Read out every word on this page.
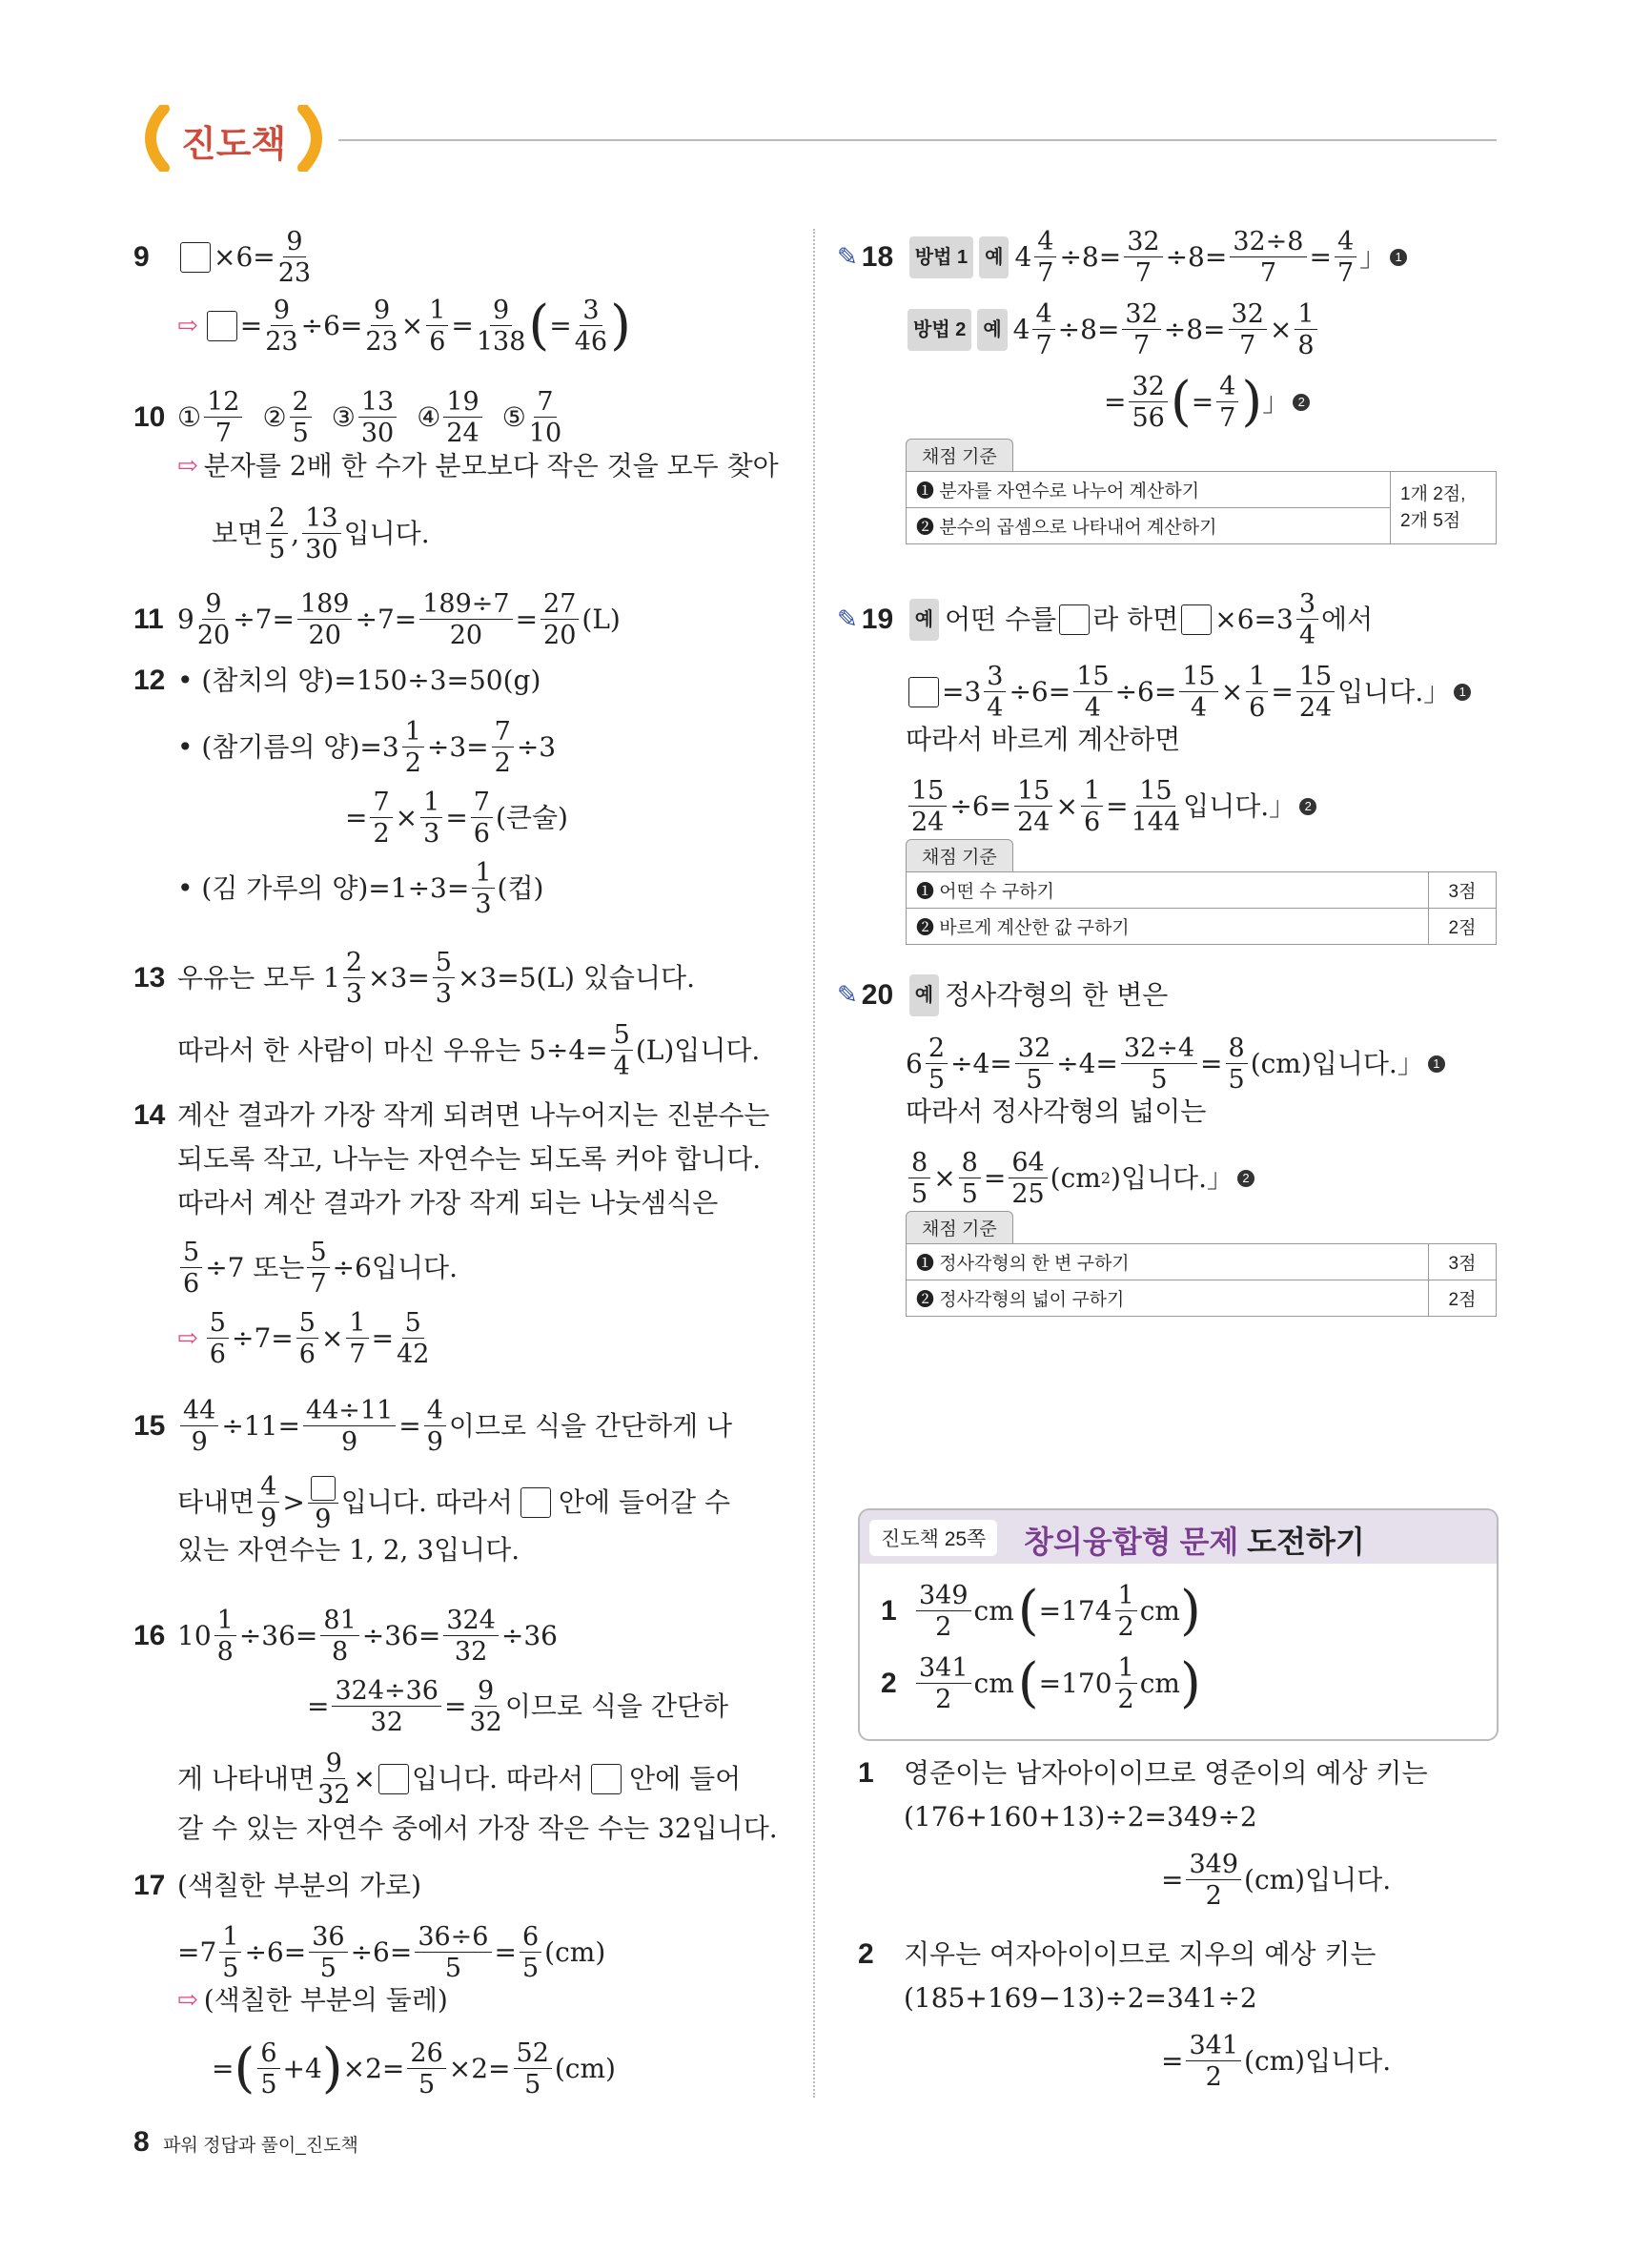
진도책
9	$\times 6= \frac{9}{23}$
⇨ = $\frac{9}{23} \div 6= \frac{9}{23} \times \frac{1}{6} = \frac{9}{138}$ ( = $\frac{3}{46}$ )
10 ① 12
7
② 2
5
③ 13
30
④ 19
24
⑤ 7
10
⇨ 분자를 2배 한 수가 분모보다 작은 것을 모두 찾아
보면 2
5
, 13
30
입니다.
11 $9 \frac{9}{20} \div 7= \frac{189}{20} \div 7= \frac{189\div 7}{20} = \frac{27}{20} (L)$
12 • (참치의 양)=150÷3=50(g)
• (참기름의 양)$=3 \frac{1}{2} \div 3= \frac{7}{2} \div 3$
= $\frac{7}{2} \times \frac{1}{3} = \frac{7}{6}$ (큰술)
• (김 가루의 양)$=1\div 3= \frac{1}{3}$ (컵)
13 우유는 모두 $1 \frac{2}{3} \times 3= \frac{5}{3} \times 3=5(L)$ 있습니다.
따라서 한 사람이 마신 우유는 $5\div 4= \frac{5}{4} (L)$입니다.
14 계산 결과가 가장 작게 되려면 나누어지는 진분수는
되도록 작고, 나누는 자연수는 되도록 커야 합니다.
따라서 계산 결과가 가장 작게 되는 나눗셈식은
$\frac{5}{6} \div 7$ 또는 $\frac{5}{7} \div 6$입니다.
⇨ $\frac{5}{6} \div 7= \frac{5}{6} \times \frac{1}{7} = \frac{5}{42}$
$15 \frac{44}{9} \div 11= \frac{44\div 11}{9} = \frac{4}{9}$ 이므로 식을 간단하게 나
타내면 4
9
>
9
입니다. 따라서 안에 들어갈 수
있는 자연수는 1, 2, 3입니다.
16 $10 \frac{1}{8} \div 36= \frac{81}{8} \div 36= \frac{324}{32} \div 36$
= $\frac{324\div 36}{32} = \frac{9}{32}$ 이므로 식을 간단하
게 나타내면 $\frac{9}{32}$ × 입니다. 따라서 안에 들어
갈 수 있는 자연수 중에서 가장 작은 수는 32입니다.
17 (색칠한 부분의 가로)
$=7 \frac{1}{5} \div 6= \frac{36}{5} \div 6= \frac{36\div 6}{5} = \frac{6}{5} (cm)$
⇨ (색칠한 부분의 둘레)
= ( 6
5
+4 ) $\times 2= \frac{26}{5} \times 2= \frac{52}{5} (cm)$
✎ 18	방법 1 예 $4 \frac{4}{7} \div 8= \frac{32}{7} \div 8= \frac{32\div 8}{7} = \frac{4}{7}$ 」 1
방법 2 예 $4 \frac{4}{7} \div 8= \frac{32}{7} \div 8= \frac{32}{7} \times \frac{1}{8}$
= $\frac{32}{56}$ ( = $\frac{4}{7}$ ) 」 2
채점 기준
❶ 분자를 자연수로 나누어 계산하기	1개 2점,
2개 5점
❷ 분수의 곱셈으로 나타내어 계산하기
✎ 19	예 어떤 수를 라 하면 ×6=3 3
4
에서
$=3 \frac{3}{4} \div 6= \frac{15}{4} \div 6= \frac{15}{4} \times \frac{1}{6} = \frac{15}{24}$ 입니다.」 1
따라서 바르게 계산하면
$\frac{15}{24} \div 6= \frac{15}{24} \times \frac{1}{6} = \frac{15}{144}$ 입니다.」 2
채점 기준
❶ 어떤 수 구하기	3점
❷ 바르게 계산한 값 구하기	2점
✎ 20	예 정사각형의 한 변은
$6 \frac{2}{5} \div 4= \frac{32}{5} \div 4= \frac{32\div 4}{5} = \frac{8}{5} (cm)$입니다.」 1
따라서 정사각형의 넓이는
$\frac{8}{5} \times \frac{8}{5} = \frac{64}{25} (cm$ 2 )입니다.」 2
채점 기준
❶ 정사각형의 한 변 구하기	3점
❷ 정사각형의 넓이 구하기	2점
진도책 25쪽	창의융합형 문제 도전하기
1 349
2
cm ( =174 1
2
cm )
2 341
2
cm ( =170 1
2
cm )
1	영준이는 남자아이이므로 영준이의 예상 키는
(176+160+13)÷2=349÷2
= $\frac{349}{2} (cm)$입니다.
2	지우는 여자아이이므로 지우의 예상 키는
(185+169−13)÷2=341÷2
= $\frac{341}{2} (cm)$입니다.
8 파워 정답과 풀이_진도책
